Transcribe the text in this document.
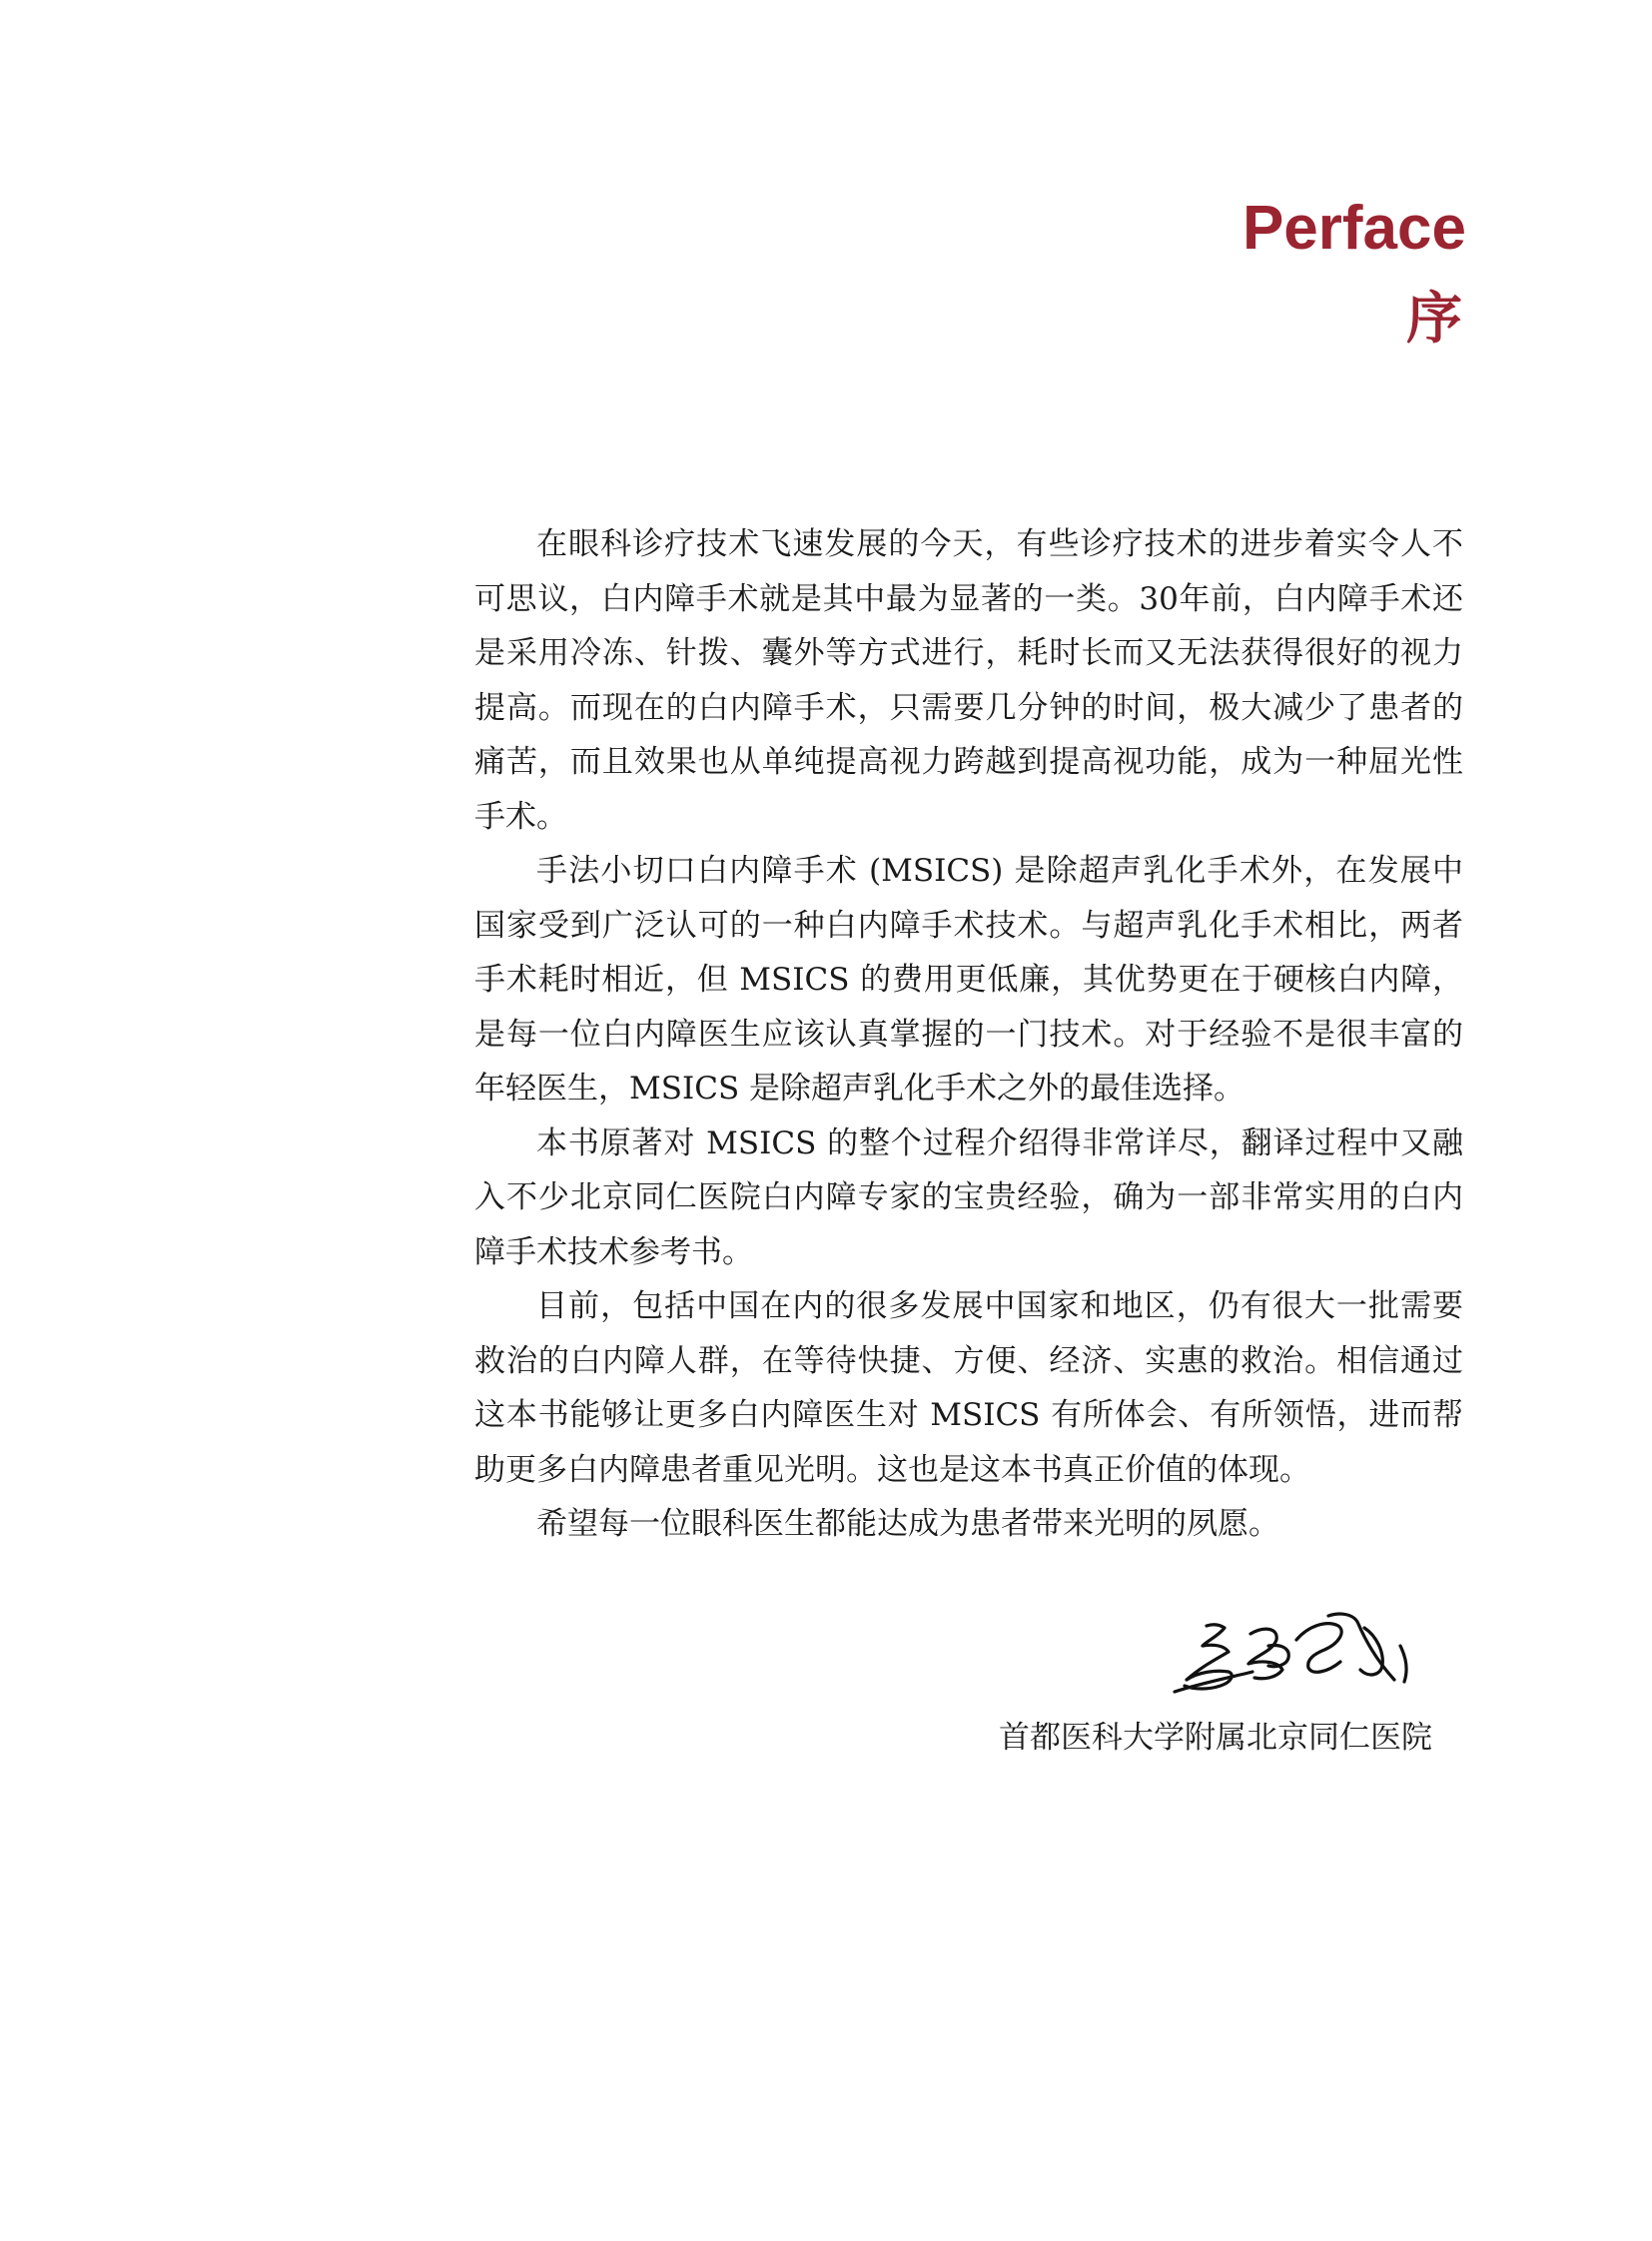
Perface
序

在眼科诊疗技术飞速发展的今天，有些诊疗技术的进步着实令人不可思议，白内障手术就是其中最为显著的一类。30年前，白内障手术还是采用冷冻、针拨、囊外等方式进行，耗时长而又无法获得很好的视力提高。而现在的白内障手术，只需要几分钟的时间，极大减少了患者的痛苦，而且效果也从单纯提高视力跨越到提高视功能，成为一种屈光性手术。

手法小切口白内障手术 (MSICS) 是除超声乳化手术外，在发展中国家受到广泛认可的一种白内障手术技术。与超声乳化手术相比，两者手术耗时相近，但 MSICS 的费用更低廉，其优势更在于硬核白内障，是每一位白内障医生应该认真掌握的一门技术。对于经验不是很丰富的年轻医生，MSICS 是除超声乳化手术之外的最佳选择。

本书原著对 MSICS 的整个过程介绍得非常详尽，翻译过程中又融入不少北京同仁医院白内障专家的宝贵经验，确为一部非常实用的白内障手术技术参考书。

目前，包括中国在内的很多发展中国家和地区，仍有很大一批需要救治的白内障人群，在等待快捷、方便、经济、实惠的救治。相信通过这本书能够让更多白内障医生对 MSICS 有所体会、有所领悟，进而帮助更多白内障患者重见光明。这也是这本书真正价值的体现。

希望每一位眼科医生都能达成为患者带来光明的夙愿。

首都医科大学附属北京同仁医院
